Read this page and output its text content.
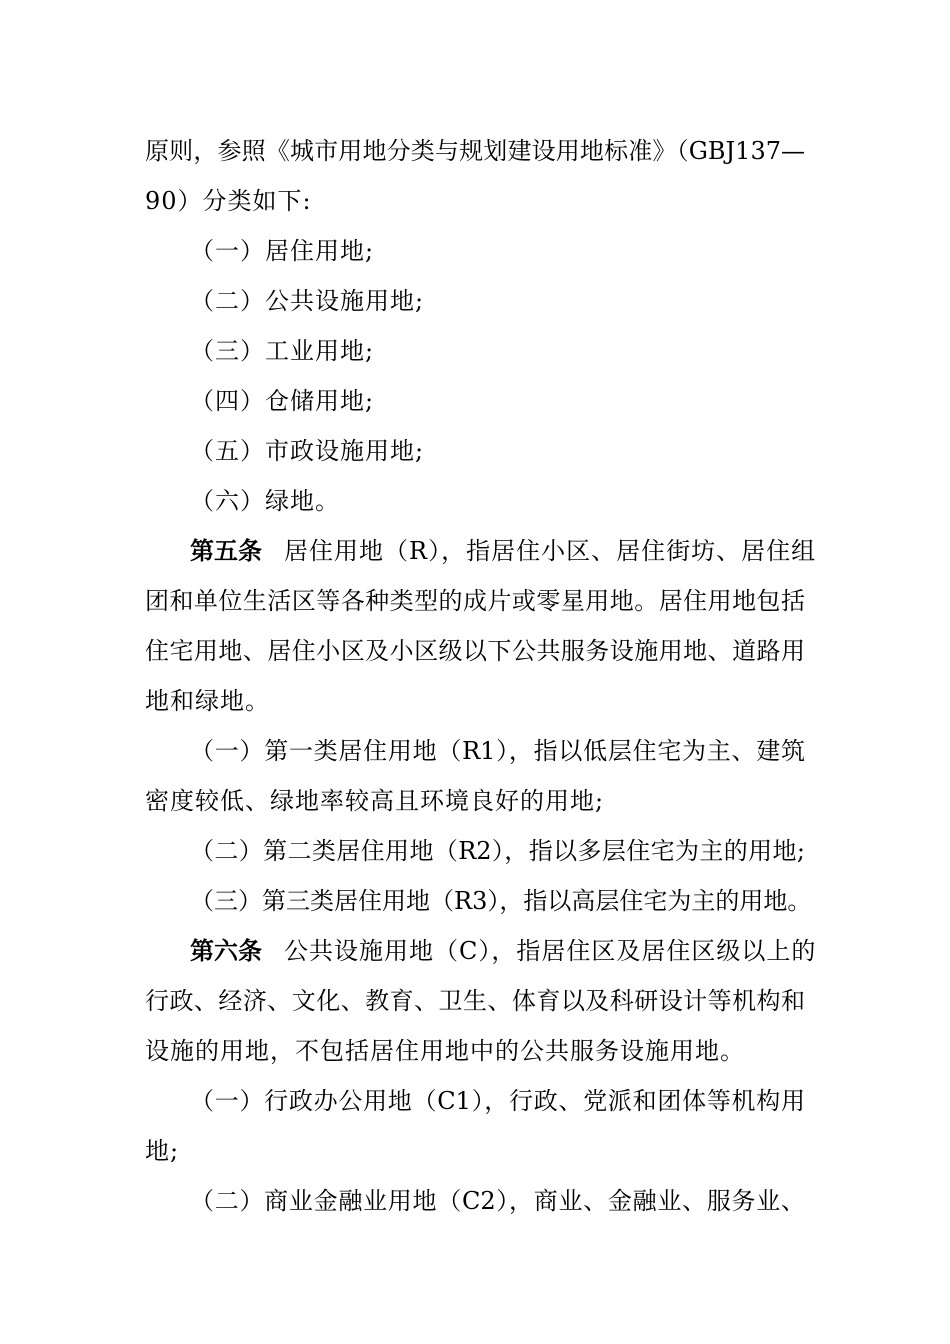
原则，参照《城市用地分类与规划建设用地标准》（GBJ137—
90）分类如下:
（一）居住用地;
（二）公共设施用地;
（三）工业用地;
（四）仓储用地;
（五）市政设施用地;
（六）绿地。
第五条 居住用地（R），指居住小区、居住街坊、居住组
团和单位生活区等各种类型的成片或零星用地。居住用地包括
住宅用地、居住小区及小区级以下公共服务设施用地、道路用
地和绿地。
（一）第一类居住用地（R1），指以低层住宅为主、建筑
密度较低、绿地率较高且环境良好的用地;
（二）第二类居住用地（R2），指以多层住宅为主的用地;
（三）第三类居住用地（R3），指以高层住宅为主的用地。
第六条 公共设施用地（C），指居住区及居住区级以上的
行政、经济、文化、教育、卫生、体育以及科研设计等机构和
设施的用地，不包括居住用地中的公共服务设施用地。
（一）行政办公用地（C1），行政、党派和团体等机构用
地;
（二）商业金融业用地（C2），商业、金融业、服务业、
